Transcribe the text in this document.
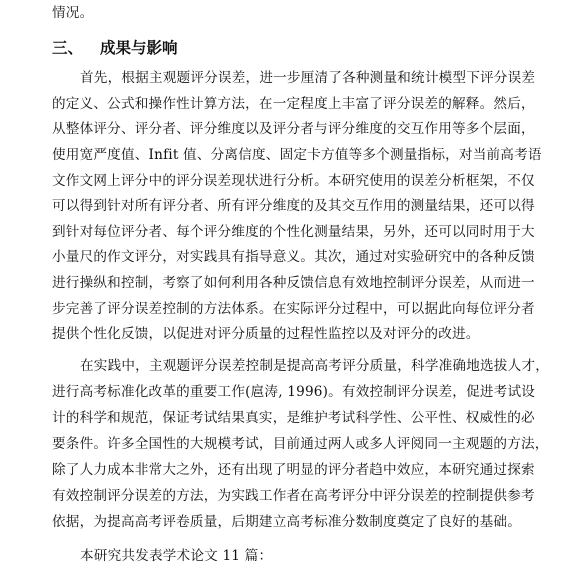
情况。
三、 成果与影响
首先，根据主观题评分误差，进一步厘清了各种测量和统计模型下评分误差
的定义、公式和操作性计算方法，在一定程度上丰富了评分误差的解释。然后，
从整体评分、评分者、评分维度以及评分者与评分维度的交互作用等多个层面，
使用宽严度值、Infit 值、分离信度、固定卡方值等多个测量指标，对当前高考语
文作文网上评分中的评分误差现状进行分析。本研究使用的误差分析框架，不仅
可以得到针对所有评分者、所有评分维度的及其交互作用的测量结果，还可以得
到针对每位评分者、每个评分维度的个性化测量结果，另外，还可以同时用于大
小量尺的作文评分，对实践具有指导意义。其次，通过对实验研究中的各种反馈
进行操纵和控制，考察了如何利用各种反馈信息有效地控制评分误差，从而进一
步完善了评分误差控制的方法体系。在实际评分过程中，可以据此向每位评分者
提供个性化反馈，以促进对评分质量的过程性监控以及对评分的改进。
在实践中，主观题评分误差控制是提高高考评分质量，科学准确地选拔人才，
进行高考标准化改革的重要工作(扈涛, 1996)。有效控制评分误差，促进考试设
计的科学和规范，保证考试结果真实，是维护考试科学性、公平性、权威性的必
要条件。许多全国性的大规模考试，目前通过两人或多人评阅同一主观题的方法，
除了人力成本非常大之外，还有出现了明显的评分者趋中效应，本研究通过探索
有效控制评分误差的方法，为实践工作者在高考评分中评分误差的控制提供参考
依据，为提高高考评卷质量，后期建立高考标准分数制度奠定了良好的基础。
本研究共发表学术论文 11 篇：
